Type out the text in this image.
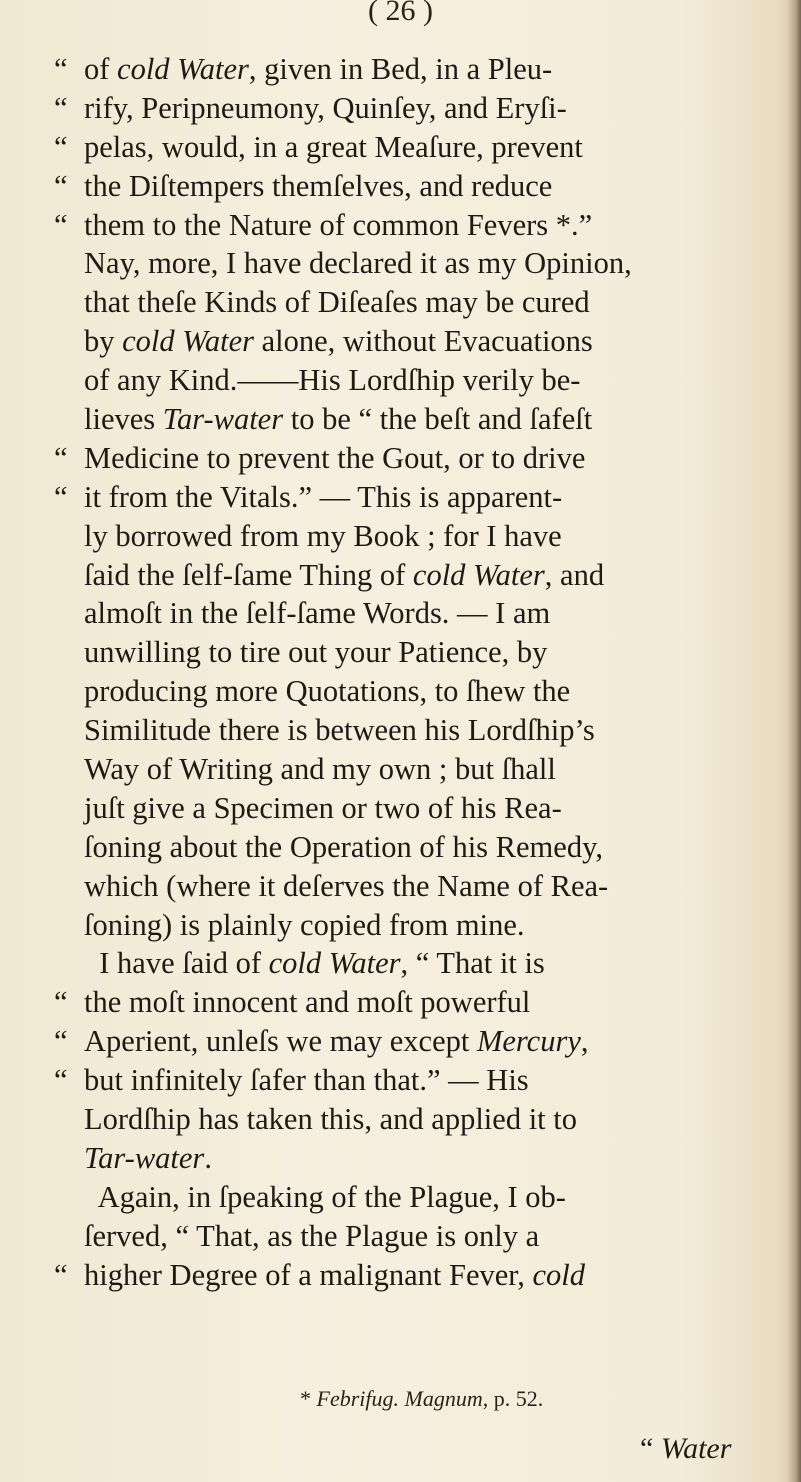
( 26 )
“ of cold Water, given in Bed, in a Pleu-
“ rify, Peripneumony, Quinſey, and Eryſi-
“ pelas, would, in a great Meaſure, prevent
“ the Diſtempers themſelves, and reduce
“ them to the Nature of common Fevers *.”
Nay, more, I have declared it as my Opinion,
that theſe Kinds of Diſeaſes may be cured
by cold Water alone, without Evacuations
of any Kind.——His Lordſhip verily be-
lieves Tar-water to be “ the beſt and ſafeſt
“ Medicine to prevent the Gout, or to drive
“ it from the Vitals.” — This is apparent-
ly borrowed from my Book ; for I have
ſaid the ſelf-ſame Thing of cold Water, and
almoſt in the ſelf-ſame Words. — I am
unwilling to tire out your Patience, by
producing more Quotations, to ſhew the
Similitude there is between his Lordſhip’s
Way of Writing and my own ; but ſhall
juſt give a Specimen or two of his Rea-
ſoning about the Operation of his Remedy,
which (where it deſerves the Name of Rea-
ſoning) is plainly copied from mine.
I have ſaid of cold Water, “ That it is
“ the moſt innocent and moſt powerful
“ Aperient, unleſs we may except Mercury,
“ but infinitely ſafer than that.” — His
Lordſhip has taken this, and applied it to
Tar-water.
Again, in ſpeaking of the Plague, I ob-
ſerved, “ That, as the Plague is only a
“ higher Degree of a malignant Fever, cold
* Febrifug. Magnum, p. 52.
“ Water
